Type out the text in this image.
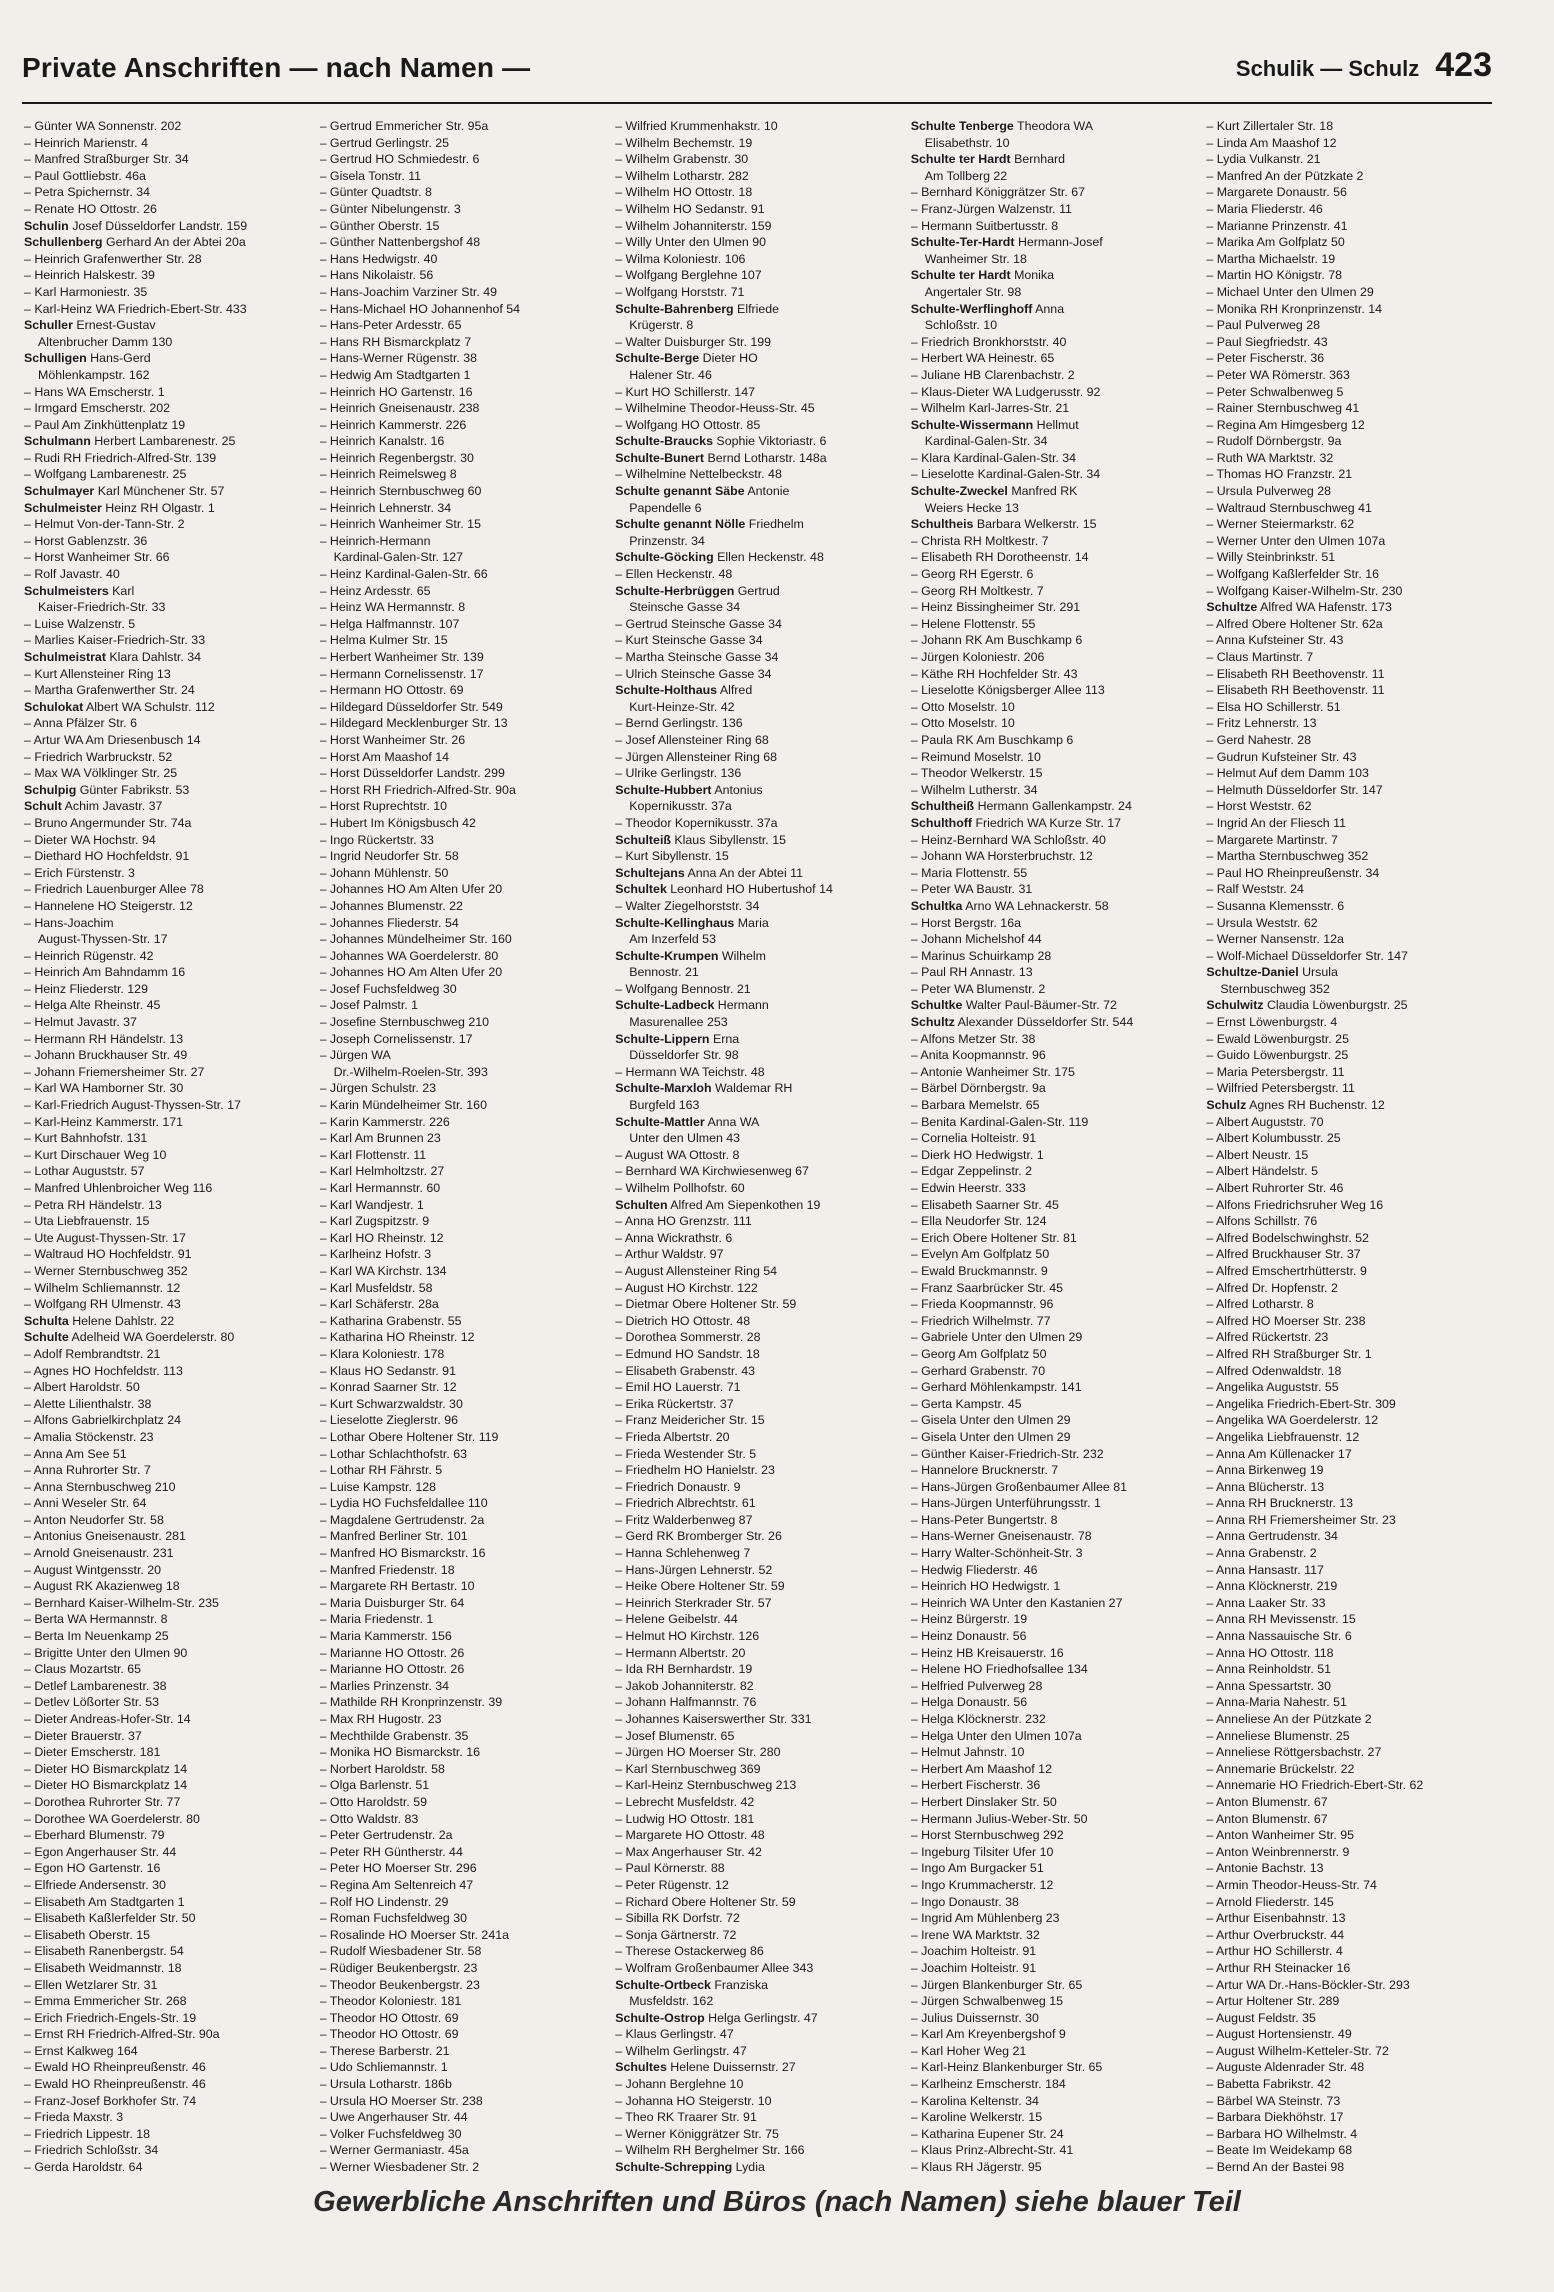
Private Anschriften — nach Namen —	Schulik — Schulz 423
– Günter WA Sonnenstr. 202
– Heinrich Marienstr. 4
– Manfred Straßburger Str. 34
– Paul Gottliebstr. 46a
– Petra Spichernstr. 34
– Renate HO Ottostr. 26
Schulin Josef Düsseldorfer Landstr. 159
Schullenberg Gerhard An der Abtei 20a
– Heinrich Grafenwerther Str. 28
– Heinrich Halskestr. 39
– Karl Harmoniestr. 35
– Karl-Heinz WA Friedrich-Ebert-Str. 433
Schuller Ernest-Gustav
Altenbrucher Damm 130
Schulligen Hans-Gerd
Möhlenkampstr. 162
– Hans WA Emscherstr. 1
– Irmgard Emscherstr. 202
– Paul Am Zinkhüttenplatz 19
Schulmann Herbert Lambarenestr. 25
– Rudi RH Friedrich-Alfred-Str. 139
– Wolfgang Lambarenestr. 25
Schulmayer Karl Münchener Str. 57
Schulmeister Heinz RH Olgastr. 1
– Helmut Von-der-Tann-Str. 2
– Horst Gablenzstr. 36
– Horst Wanheimer Str. 66
– Rolf Javastr. 40
Schulmeisters Karl
Kaiser-Friedrich-Str. 33
– Luise Walzenstr. 5
– Marlies Kaiser-Friedrich-Str. 33
Schulmeistrat Klara Dahlstr. 34
– Kurt Allensteiner Ring 13
– Martha Grafenwerther Str. 24
Schulokat Albert WA Schulstr. 112
– Anna Pfälzer Str. 6
– Artur WA Am Driesenbusch 14
– Friedrich Warbruckstr. 52
– Max WA Völklinger Str. 25
Schulpig Günter Fabrikstr. 53
Schult Achim Javastr. 37
– Bruno Angermunder Str. 74a
– Dieter WA Hochstr. 94
– Diethard HO Hochfeldstr. 91
– Erich Fürstenstr. 3
– Friedrich Lauenburger Allee 78
– Hannelene HO Steigerstr. 12
– Hans-Joachim
August-Thyssen-Str. 17
– Heinrich Rügenstr. 42
– Heinrich Am Bahndamm 16
– Heinz Fliederstr. 129
– Helga Alte Rheinstr. 45
– Helmut Javastr. 37
– Hermann RH Händelstr. 13
– Johann Bruckhauser Str. 49
– Johann Friemersheimer Str. 27
– Karl WA Hamborner Str. 30
– Karl-Friedrich August-Thyssen-Str. 17
– Karl-Heinz Kammerstr. 171
– Kurt Bahnhofstr. 131
– Kurt Dirschauer Weg 10
– Lothar Auguststr. 57
– Manfred Uhlenbroicher Weg 116
– Petra RH Händelstr. 13
– Uta Liebfrauenstr. 15
– Ute August-Thyssen-Str. 17
– Waltraud HO Hochfeldstr. 91
– Werner Sternbuschweg 352
– Wilhelm Schliemannstr. 12
– Wolfgang RH Ulmenstr. 43
Schulta Helene Dahlstr. 22
Schulte Adelheid WA Goerdelerstr. 80
– Adolf Rembrandtstr. 21
– Agnes HO Hochfeldstr. 113
– Albert Haroldstr. 50
– Alette Lilienthalstr. 38
– Alfons Gabrielkirchplatz 24
– Amalia Stöckenstr. 23
– Anna Am See 51
– Anna Ruhrorter Str. 7
– Anna Sternbuschweg 210
– Anni Weseler Str. 64
– Anton Neudorfer Str. 58
– Antonius Gneisenaustr. 281
– Arnold Gneisenaustr. 231
– August Wintgensstr. 20
– August RK Akazienweg 18
– Bernhard Kaiser-Wilhelm-Str. 235
– Berta WA Hermannstr. 8
– Berta Im Neuenkamp 25
– Brigitte Unter den Ulmen 90
– Claus Mozartstr. 65
– Detlef Lambarenestr. 38
– Detlev Lößorter Str. 53
– Dieter Andreas-Hofer-Str. 14
– Dieter Brauerstr. 37
– Dieter Emscherstr. 181
– Dieter HO Bismarckplatz 14
– Dieter HO Bismarckplatz 14
– Dorothea Ruhrorter Str. 77
– Dorothee WA Goerdelerstr. 80
– Eberhard Blumenstr. 79
– Egon Angerhauser Str. 44
– Egon HO Gartenstr. 16
– Elfriede Andersenstr. 30
– Elisabeth Am Stadtgarten 1
– Elisabeth Kaßlerfelder Str. 50
– Elisabeth Oberstr. 15
– Elisabeth Ranenbergstr. 54
– Elisabeth Weidmannstr. 18
– Ellen Wetzlarer Str. 31
– Emma Emmericher Str. 268
– Erich Friedrich-Engels-Str. 19
– Ernst RH Friedrich-Alfred-Str. 90a
– Ernst Kalkweg 164
– Ewald HO Rheinpreußenstr. 46
– Ewald HO Rheinpreußenstr. 46
– Franz-Josef Borkhofer Str. 74
– Frieda Maxstr. 3
– Friedrich Lippestr. 18
– Friedrich Schloßstr. 34
– Gerda Haroldstr. 64
– Gertrud Emmericher Str. 95a
– Gertrud Gerlingstr. 25
– Gertrud HO Schmiedestr. 6
– Gisela Tonstr. 11
– Günter Quadtstr. 8
– Günter Nibelungenstr. 3
– Günther Oberstr. 15
– Günther Nattenbergshof 48
– Hans Hedwigstr. 40
– Hans Nikolaistr. 56
– Hans-Joachim Varziner Str. 49
– Hans-Michael HO Johannenhof 54
– Hans-Peter Ardesstr. 65
– Hans RH Bismarckplatz 7
– Hans-Werner Rügenstr. 38
– Hedwig Am Stadtgarten 1
– Heinrich HO Gartenstr. 16
– Heinrich Gneisenaustr. 238
– Heinrich Kammerstr. 226
– Heinrich Kanalstr. 16
– Heinrich Regenbergstr. 30
– Heinrich Reimelsweg 8
– Heinrich Sternbuschweg 60
– Heinrich Lehnerstr. 34
– Heinrich Wanheimer Str. 15
– Heinrich-Hermann
Kardinal-Galen-Str. 127
– Heinz Kardinal-Galen-Str. 66
– Heinz Ardesstr. 65
– Heinz WA Hermannstr. 8
– Helga Halfmannstr. 107
– Helma Kulmer Str. 15
– Herbert Wanheimer Str. 139
– Hermann Cornelissenstr. 17
– Hermann HO Ottostr. 69
– Hildegard Düsseldorfer Str. 549
– Hildegard Mecklenburger Str. 13
– Horst Wanheimer Str. 26
– Horst Am Maashof 14
– Horst Düsseldorfer Landstr. 299
– Horst RH Friedrich-Alfred-Str. 90a
– Horst Ruprechtstr. 10
– Hubert Im Königsbusch 42
– Ingo Rückertstr. 33
– Ingrid Neudorfer Str. 58
– Johann Mühlenstr. 50
– Johannes HO Am Alten Ufer 20
– Johannes Blumenstr. 22
– Johannes Fliederstr. 54
– Johannes Mündelheimer Str. 160
– Johannes WA Goerdelerstr. 80
– Johannes HO Am Alten Ufer 20
– Josef Fuchsfeldweg 30
– Josef Palmstr. 1
– Josefine Sternbuschweg 210
– Joseph Cornelissenstr. 17
– Jürgen WA
Dr.-Wilhelm-Roelen-Str. 393
– Jürgen Schulstr. 23
– Karin Mündelheimer Str. 160
– Karin Kammerstr. 226
– Karl Am Brunnen 23
– Karl Flottenstr. 11
– Karl Helmholtzstr. 27
– Karl Hermannstr. 60
– Karl Wandjestr. 1
– Karl Zugspitzstr. 9
– Karl HO Rheinstr. 12
– Karlheinz Hofstr. 3
– Karl WA Kirchstr. 134
– Karl Musfeldstr. 58
– Karl Schäferstr. 28a
– Katharina Grabenstr. 55
– Katharina HO Rheinstr. 12
– Klara Koloniestr. 178
– Klaus HO Sedanstr. 91
– Konrad Saarner Str. 12
– Kurt Schwarzwaldstr. 30
– Lieselotte Zieglerstr. 96
– Lothar Obere Holtener Str. 119
– Lothar Schlachthofstr. 63
– Lothar RH Fährstr. 5
– Luise Kampstr. 128
– Lydia HO Fuchsfeldallee 110
– Magdalene Gertrudenstr. 2a
– Manfred Berliner Str. 101
– Manfred HO Bismarckstr. 16
– Manfred Friedenstr. 18
– Margarete RH Bertastr. 10
– Maria Duisburger Str. 64
– Maria Friedenstr. 1
– Maria Kammerstr. 156
– Marianne HO Ottostr. 26
– Marianne HO Ottostr. 26
– Marlies Prinzenstr. 34
– Mathilde RH Kronprinzenstr. 39
– Max RH Hugostr. 23
– Mechthilde Grabenstr. 35
– Monika HO Bismarckstr. 16
– Norbert Haroldstr. 58
– Olga Barlenstr. 51
– Otto Haroldstr. 59
– Otto Waldstr. 83
– Peter Gertrudenstr. 2a
– Peter RH Güntherstr. 44
– Peter HO Moerser Str. 296
– Regina Am Seltenreich 47
– Rolf HO Lindenstr. 29
– Roman Fuchsfeldweg 30
– Rosalinde HO Moerser Str. 241a
– Rudolf Wiesbadener Str. 58
– Rüdiger Beukenbergstr. 23
– Theodor Beukenbergstr. 23
– Theodor Koloniestr. 181
– Theodor HO Ottostr. 69
– Theodor HO Ottostr. 69
– Therese Barberstr. 21
– Udo Schliemannstr. 1
– Ursula Lotharstr. 186b
– Ursula HO Moerser Str. 238
– Uwe Angerhauser Str. 44
– Volker Fuchsfeldweg 30
– Werner Germaniastr. 45a
– Werner Wiesbadener Str. 2
– Wilfried Krummenhakstr. 10
– Wilhelm Bechemstr. 19
– Wilhelm Grabenstr. 30
– Wilhelm Lotharstr. 282
– Wilhelm HO Ottostr. 18
– Wilhelm HO Sedanstr. 91
– Wilhelm Johanniterstr. 159
– Willy Unter den Ulmen 90
– Wilma Koloniestr. 106
– Wolfgang Berglehne 107
– Wolfgang Horststr. 71
Schulte-Bahrenberg Elfriede
Krügerstr. 8
– Walter Duisburger Str. 199
Schulte-Berge Dieter HO
Halener Str. 46
– Kurt HO Schillerstr. 147
– Wilhelmine Theodor-Heuss-Str. 45
– Wolfgang HO Ottostr. 85
Schulte-Braucks Sophie Viktoriastr. 6
Schulte-Bunert Bernd Lotharstr. 148a
– Wilhelmine Nettelbeckstr. 48
Schulte genannt Säbe Antonie
Papendelle 6
Schulte genannt Nölle Friedhelm
Prinzenstr. 34
Schulte-Göcking Ellen Heckenstr. 48
– Ellen Heckenstr. 48
Schulte-Herbrüggen Gertrud
Steinsche Gasse 34
– Gertrud Steinsche Gasse 34
– Kurt Steinsche Gasse 34
– Martha Steinsche Gasse 34
– Ulrich Steinsche Gasse 34
Schulte-Holthaus Alfred
Kurt-Heinze-Str. 42
– Bernd Gerlingstr. 136
– Josef Allensteiner Ring 68
– Jürgen Allensteiner Ring 68
– Ulrike Gerlingstr. 136
Schulte-Hubbert Antonius
Kopernikusstr. 37a
– Theodor Kopernikusstr. 37a
Schulteiß Klaus Sibyllenstr. 15
– Kurt Sibyllenstr. 15
Schultejans Anna An der Abtei 11
Schultek Leonhard HO Hubertushof 14
– Walter Ziegelhorststr. 34
Schulte-Kellinghaus Maria
Am Inzerfeld 53
Schulte-Krumpen Wilhelm
Bennostr. 21
– Wolfgang Bennostr. 21
Schulte-Ladbeck Hermann
Masurenallee 253
Schulte-Lippern Erna
Düsseldorfer Str. 98
– Hermann WA Teichstr. 48
Schulte-Marxloh Waldemar RH
Burgfeld 163
Schulte-Mattler Anna WA
Unter den Ulmen 43
– August WA Ottostr. 8
– Bernhard WA Kirchwiesenweg 67
– Wilhelm Pollhofstr. 60
Schulten Alfred Am Siepenkothen 19
– Anna HO Grenzstr. 111
– Anna Wickrathstr. 6
– Arthur Waldstr. 97
– August Allensteiner Ring 54
– August HO Kirchstr. 122
– Dietmar Obere Holtener Str. 59
– Dietrich HO Ottostr. 48
– Dorothea Sommerstr. 28
– Edmund HO Sandstr. 18
– Elisabeth Grabenstr. 43
– Emil HO Lauerstr. 71
– Erika Rückertstr. 37
– Franz Meidericher Str. 15
– Frieda Albertstr. 20
– Frieda Westender Str. 5
– Friedhelm HO Hanielstr. 23
– Friedrich Donaustr. 9
– Friedrich Albrechtstr. 61
– Fritz Walderbenweg 87
– Gerd RK Bromberger Str. 26
– Hanna Schlehenweg 7
– Hans-Jürgen Lehnerstr. 52
– Heike Obere Holtener Str. 59
– Heinrich Sterkrader Str. 57
– Helene Geibelstr. 44
– Helmut HO Kirchstr. 126
– Hermann Albertstr. 20
– Ida RH Bernhardstr. 19
– Jakob Johanniterstr. 82
– Johann Halfmannstr. 76
– Johannes Kaiserswerther Str. 331
– Josef Blumenstr. 65
– Jürgen HO Moerser Str. 280
– Karl Sternbuschweg 369
– Karl-Heinz Sternbuschweg 213
– Lebrecht Musfeldstr. 42
– Ludwig HO Ottostr. 181
– Margarete HO Ottostr. 48
– Max Angerhauser Str. 42
– Paul Körnerstr. 88
– Peter Rügenstr. 12
– Richard Obere Holtener Str. 59
– Sibilla RK Dorfstr. 72
– Sonja Gärtnerstr. 72
– Therese Ostackerweg 86
– Wolfram Großenbaumer Allee 343
Schulte-Ortbeck Franziska
Musfeldstr. 162
Schulte-Ostrop Helga Gerlingstr. 47
– Klaus Gerlingstr. 47
– Wilhelm Gerlingstr. 47
Schultes Helene Duissernstr. 27
– Johann Berglehne 10
– Johanna HO Steigerstr. 10
– Theo RK Traarer Str. 91
– Werner Königgrätzer Str. 75
– Wilhelm RH Berghelmer Str. 166
Schulte-Schrepping Lydia
Schulte Tenberge Theodora WA
Elisabethstr. 10
Schulte ter Hardt Bernhard
Am Tollberg 22
– Bernhard Königgrätzer Str. 67
– Franz-Jürgen Walzenstr. 11
– Hermann Suitbertusstr. 8
Schulte-Ter-Hardt Hermann-Josef
Wanheimer Str. 18
Schulte ter Hardt Monika
Angertaler Str. 98
Schulte-Werflinghoff Anna
Schloßstr. 10
– Friedrich Bronkhorststr. 40
– Herbert WA Heinestr. 65
– Juliane HB Clarenbachstr. 2
– Klaus-Dieter WA Ludgerusstr. 92
– Wilhelm Karl-Jarres-Str. 21
Schulte-Wissermann Hellmut
Kardinal-Galen-Str. 34
– Klara Kardinal-Galen-Str. 34
– Lieselotte Kardinal-Galen-Str. 34
Schulte-Zweckel Manfred RK
Weiers Hecke 13
Schultheis Barbara Welkerstr. 15
– Christa RH Moltkestr. 7
– Elisabeth RH Dorotheenstr. 14
– Georg RH Egerstr. 6
– Georg RH Moltkestr. 7
– Heinz Bissingheimer Str. 291
– Helene Flottenstr. 55
– Johann RK Am Buschkamp 6
– Jürgen Koloniestr. 206
– Käthe RH Hochfelder Str. 43
– Lieselotte Königsberger Allee 113
– Otto Moselstr. 10
– Otto Moselstr. 10
– Paula RK Am Buschkamp 6
– Reimund Moselstr. 10
– Theodor Welkerstr. 15
– Wilhelm Lutherstr. 34
Schultheiß Hermann Gallenkampstr. 24
Schulthoff Friedrich WA Kurze Str. 17
– Heinz-Bernhard WA Schloßstr. 40
– Johann WA Horsterbruchstr. 12
– Maria Flottenstr. 55
– Peter WA Baustr. 31
Schultka Arno WA Lehnackerstr. 58
– Horst Bergstr. 16a
– Johann Michelshof 44
– Marinus Schuirkamp 28
– Paul RH Annastr. 13
– Peter WA Blumenstr. 2
Schultke Walter Paul-Bäumer-Str. 72
Schultz Alexander Düsseldorfer Str. 544
– Alfons Metzer Str. 38
– Anita Koopmannstr. 96
– Antonie Wanheimer Str. 175
– Bärbel Dörnbergstr. 9a
– Barbara Memelstr. 65
– Benita Kardinal-Galen-Str. 119
– Cornelia Holteistr. 91
– Dierk HO Hedwigstr. 1
– Edgar Zeppelinstr. 2
– Edwin Heerstr. 333
– Elisabeth Saarner Str. 45
– Ella Neudorfer Str. 124
– Erich Obere Holtener Str. 81
– Evelyn Am Golfplatz 50
– Ewald Bruckmannstr. 9
– Franz Saarbrücker Str. 45
– Frieda Koopmannstr. 96
– Friedrich Wilhelmstr. 77
– Gabriele Unter den Ulmen 29
– Georg Am Golfplatz 50
– Gerhard Grabenstr. 70
– Gerhard Möhlenkampstr. 141
– Gerta Kampstr. 45
– Gisela Unter den Ulmen 29
– Gisela Unter den Ulmen 29
– Günther Kaiser-Friedrich-Str. 232
– Hannelore Brucknerstr. 7
– Hans-Jürgen Großenbaumer Allee 81
– Hans-Jürgen Unterführungsstr. 1
– Hans-Peter Bungertstr. 8
– Hans-Werner Gneisenaustr. 78
– Harry Walter-Schönheit-Str. 3
– Hedwig Fliederstr. 46
– Heinrich HO Hedwigstr. 1
– Heinrich WA Unter den Kastanien 27
– Heinz Bürgerstr. 19
– Heinz Donaustr. 56
– Heinz HB Kreisauerstr. 16
– Helene HO Friedhofsallee 134
– Helfried Pulverweg 28
– Helga Donaustr. 56
– Helga Klöcknerstr. 232
– Helga Unter den Ulmen 107a
– Helmut Jahnstr. 10
– Herbert Am Maashof 12
– Herbert Fischerstr. 36
– Herbert Dinslaker Str. 50
– Hermann Julius-Weber-Str. 50
– Horst Sternbuschweg 292
– Ingeburg Tilsiter Ufer 10
– Ingo Am Burgacker 51
– Ingo Krummacherstr. 12
– Ingo Donaustr. 38
– Ingrid Am Mühlenberg 23
– Irene WA Marktstr. 32
– Joachim Holteistr. 91
– Joachim Holteistr. 91
– Jürgen Blankenburger Str. 65
– Jürgen Schwalbenweg 15
– Julius Duissernstr. 30
– Karl Am Kreyenbergshof 9
– Karl Hoher Weg 21
– Karl-Heinz Blankenburger Str. 65
– Karlheinz Emscherstr. 184
– Karolina Keltenstr. 34
– Karoline Welkerstr. 15
– Katharina Eupener Str. 24
– Klaus Prinz-Albrecht-Str. 41
– Klaus RH Jägerstr. 95
– Kurt Zillertaler Str. 18
– Linda Am Maashof 12
– Lydia Vulkanstr. 21
– Manfred An der Pützkate 2
– Margarete Donaustr. 56
– Maria Fliederstr. 46
– Marianne Prinzenstr. 41
– Marika Am Golfplatz 50
– Martha Michaelstr. 19
– Martin HO Königstr. 78
– Michael Unter den Ulmen 29
– Monika RH Kronprinzenstr. 14
– Paul Pulverweg 28
– Paul Siegfriedstr. 43
– Peter Fischerstr. 36
– Peter WA Römerstr. 363
– Peter Schwalbenweg 5
– Rainer Sternbuschweg 41
– Regina Am Himgesberg 12
– Rudolf Dörnbergstr. 9a
– Ruth WA Marktstr. 32
– Thomas HO Franzstr. 21
– Ursula Pulverweg 28
– Waltraud Sternbuschweg 41
– Werner Steiermarkstr. 62
– Werner Unter den Ulmen 107a
– Willy Steinbrinkstr. 51
– Wolfgang Kaßlerfelder Str. 16
– Wolfgang Kaiser-Wilhelm-Str. 230
Schultze Alfred WA Hafenstr. 173
– Alfred Obere Holtener Str. 62a
– Anna Kufsteiner Str. 43
– Claus Martinstr. 7
– Elisabeth RH Beethovenstr. 11
– Elisabeth RH Beethovenstr. 11
– Elsa HO Schillerstr. 51
– Fritz Lehnerstr. 13
– Gerd Nahestr. 28
– Gudrun Kufsteiner Str. 43
– Helmut Auf dem Damm 103
– Helmuth Düsseldorfer Str. 147
– Horst Weststr. 62
– Ingrid An der Fliesch 11
– Margarete Martinstr. 7
– Martha Sternbuschweg 352
– Paul HO Rheinpreußenstr. 34
– Ralf Weststr. 24
– Susanna Klemensstr. 6
– Ursula Weststr. 62
– Werner Nansenstr. 12a
– Wolf-Michael Düsseldorfer Str. 147
Schultze-Daniel Ursula
Sternbuschweg 352
Schulwitz Claudia Löwenburgstr. 25
– Ernst Löwenburgstr. 4
– Ewald Löwenburgstr. 25
– Guido Löwenburgstr. 25
– Maria Petersbergstr. 11
– Wilfried Petersbergstr. 11
Schulz Agnes RH Buchenstr. 12
– Albert Auguststr. 70
– Albert Kolumbusstr. 25
– Albert Neustr. 15
– Albert Händelstr. 5
– Albert Ruhrorter Str. 46
– Alfons Friedrichsruher Weg 16
– Alfons Schillstr. 76
– Alfred Bodelschwinghstr. 52
– Alfred Bruckhauser Str. 37
– Alfred Emschertrhütterstr. 9
– Alfred Dr. Hopfenstr. 2
– Alfred Lotharstr. 8
– Alfred HO Moerser Str. 238
– Alfred Rückertstr. 23
– Alfred RH Straßburger Str. 1
– Alfred Odenwaldstr. 18
– Angelika Auguststr. 55
– Angelika Friedrich-Ebert-Str. 309
– Angelika WA Goerdelerstr. 12
– Angelika Liebfrauenstr. 12
– Anna Am Küllenacker 17
– Anna Birkenweg 19
– Anna Blücherstr. 13
– Anna RH Brucknerstr. 13
– Anna RH Friemersheimer Str. 23
– Anna Gertrudenstr. 34
– Anna Grabenstr. 2
– Anna Hansastr. 117
– Anna Klöcknerstr. 219
– Anna Laaker Str. 33
– Anna RH Mevissenstr. 15
– Anna Nassauische Str. 6
– Anna HO Ottostr. 118
– Anna Reinholdstr. 51
– Anna Spessartstr. 30
– Anna-Maria Nahestr. 51
– Anneliese An der Pützkate 2
– Anneliese Blumenstr. 25
– Anneliese Röttgersbachstr. 27
– Annemarie Brückelstr. 22
– Annemarie HO Friedrich-Ebert-Str. 62
– Anton Blumenstr. 67
– Anton Blumenstr. 67
– Anton Wanheimer Str. 95
– Anton Weinbrennerstr. 9
– Antonie Bachstr. 13
– Armin Theodor-Heuss-Str. 74
– Arnold Fliederstr. 145
– Arthur Eisenbahnstr. 13
– Arthur Overbruckstr. 44
– Arthur HO Schillerstr. 4
– Arthur RH Steinacker 16
– Artur WA Dr.-Hans-Böckler-Str. 293
– Artur Holtener Str. 289
– August Feldstr. 35
– August Hortensienstr. 49
– August Wilhelm-Ketteler-Str. 72
– Auguste Aldenrader Str. 48
– Babetta Fabrikstr. 42
– Bärbel WA Steinstr. 73
– Barbara Diekhöhstr. 17
– Barbara HO Wilhelmstr. 4
– Beate Im Weidekamp 68
– Bernd An der Bastei 98
Gewerbliche Anschriften und Büros (nach Namen) siehe blauer Teil
